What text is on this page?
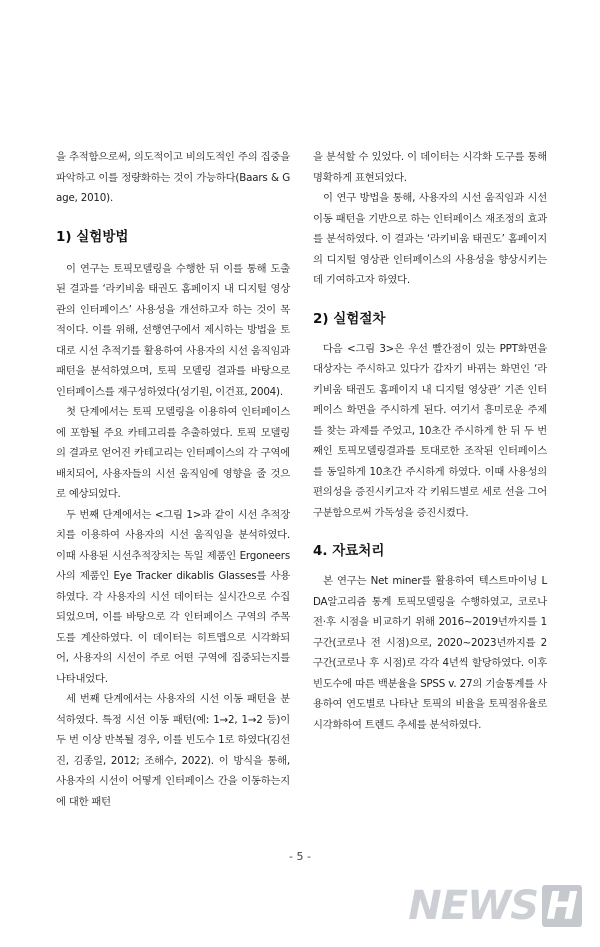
을 추적함으로써, 의도적이고 비의도적인 주의 집중을 파악하고 이를 정량화하는 것이 가능하다(Baars & Gage, 2010).

1) 실험방법

이 연구는 토픽모델링을 수행한 뒤 이를 통해 도출된 결과를 ‘라키비움 태권도 홈페이지 내 디지털 영상관의 인터페이스’ 사용성을 개선하고자 하는 것이 목적이다. 이를 위해, 선행연구에서 제시하는 방법을 토대로 시선 추적기를 활용하여 사용자의 시선 움직임과 패턴을 분석하였으며, 토픽 모델링 결과를 바탕으로 인터페이스를 재구성하였다(성기원, 이건표, 2004).

첫 단계에서는 토픽 모델링을 이용하여 인터페이스에 포함될 주요 카테고리를 추출하였다. 토픽 모델링의 결과로 얻어진 카테고리는 인터페이스의 각 구역에 배치되어, 사용자들의 시선 움직임에 영향을 줄 것으로 예상되었다.

두 번째 단계에서는 <그림 1>과 같이 시선 추적장치를 이용하여 사용자의 시선 움직임을 분석하였다. 이때 사용된 시선추적장치는 독일 제품인 Ergoneers사의 제품인 Eye Tracker dikablis Glasses를 사용하였다. 각 사용자의 시선 데이터는 실시간으로 수집되었으며, 이를 바탕으로 각 인터페이스 구역의 주목도를 계산하였다. 이 데이터는 히트맵으로 시각화되어, 사용자의 시선이 주로 어떤 구역에 집중되는지를 나타내었다.

세 번째 단계에서는 사용자의 시선 이동 패턴을 분석하였다. 특정 시선 이동 패턴(예: 1→2, 1→2 등)이 두 번 이상 반복될 경우, 이를 빈도수 1로 하였다(김선진, 김종일, 2012; 조해수, 2022). 이 방식을 통해, 사용자의 시선이 어떻게 인터페이스 간을 이동하는지에 대한 패턴

을 분석할 수 있었다. 이 데이터는 시각화 도구를 통해 명확하게 표현되었다.

이 연구 방법을 통해, 사용자의 시선 움직임과 시선 이동 패턴을 기반으로 하는 인터페이스 재조정의 효과를 분석하였다. 이 결과는 ‘라키비움 태권도’ 홈페이지의 디지털 영상관 인터페이스의 사용성을 향상시키는데 기여하고자 하였다.

2) 실험절차

다음 <그림 3>은 우선 빨간점이 있는 PPT화면을 대상자는 주시하고 있다가 갑자기 바뀌는 화면인 ‘라키비움 태권도 홈페이지 내 디지털 영상관’ 기존 인터페이스 화면을 주시하게 된다. 여기서 흥미로운 주제를 찾는 과제를 주었고, 10초간 주시하게 한 뒤 두 번째인 토픽모델링결과를 토대로한 조작된 인터페이스를 동일하게 10초간 주시하게 하였다. 이때 사용성의 편의성을 증진시키고자 각 키워드별로 세로 선을 그어 구분함으로써 가독성을 증진시켰다.

4. 자료처리

본 연구는 Net miner를 활용하여 텍스트마이닝 LDA알고리즘 통계 토픽모델링을 수행하였고, 코로나 전·후 시점을 비교하기 위해 2016~2019년까지를 1구간(코로나 전 시점)으로, 2020~2023년까지를 2구간(코로나 후 시점)로 각각 4년씩 할당하였다. 이후 빈도수에 따른 백분율을 SPSS v. 27의 기술통계를 사용하여 연도별로 나타난 토픽의 비율을 토픽점유율로 시각화하여 트렌드 추세를 분석하였다.

- 5 -
NEWS H
